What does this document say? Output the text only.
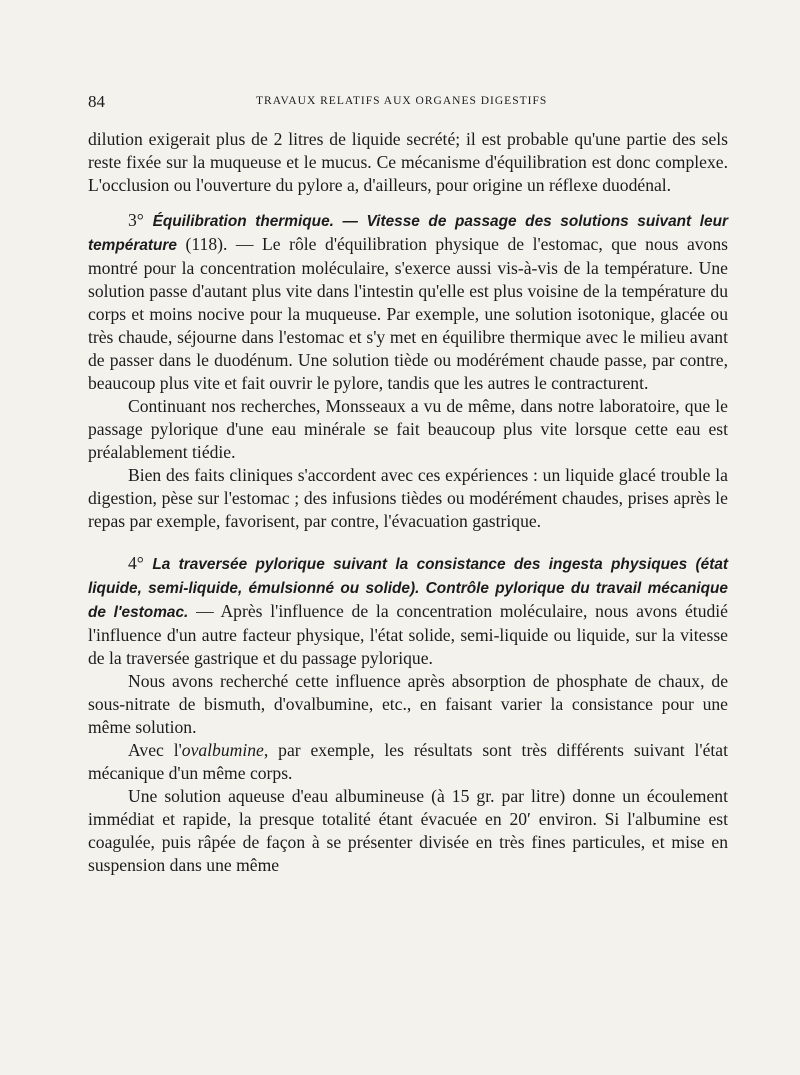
84	TRAVAUX RELATIFS AUX ORGANES DIGESTIFS

dilution exigerait plus de 2 litres de liquide secrété; il est probable qu'une partie des sels reste fixée sur la muqueuse et le mucus. Ce mécanisme d'équilibration est donc complexe. L'occlusion ou l'ouverture du pylore a, d'ailleurs, pour origine un réflexe duodénal.

3° Équilibration thermique. — Vitesse de passage des solutions suivant leur température (118). — Le rôle d'équilibration physique de l'estomac, que nous avons montré pour la concentration moléculaire, s'exerce aussi vis-à-vis de la température. Une solution passe d'autant plus vite dans l'intestin qu'elle est plus voisine de la température du corps et moins nocive pour la muqueuse. Par exemple, une solution isotonique, glacée ou très chaude, séjourne dans l'estomac et s'y met en équilibre thermique avec le milieu avant de passer dans le duodénum. Une solution tiède ou modérément chaude passe, par contre, beaucoup plus vite et fait ouvrir le pylore, tandis que les autres le contracturent.

Continuant nos recherches, Monsseaux a vu de même, dans notre laboratoire, que le passage pylorique d'une eau minérale se fait beaucoup plus vite lorsque cette eau est préalablement tiédie.

Bien des faits cliniques s'accordent avec ces expériences : un liquide glacé trouble la digestion, pèse sur l'estomac ; des infusions tièdes ou modérément chaudes, prises après le repas par exemple, favorisent, par contre, l'évacuation gastrique.

4° La traversée pylorique suivant la consistance des ingesta physiques (état liquide, semi-liquide, émulsionné ou solide). Contrôle pylorique du travail mécanique de l'estomac. — Après l'influence de la concentration moléculaire, nous avons étudié l'influence d'un autre facteur physique, l'état solide, semi-liquide ou liquide, sur la vitesse de la traversée gastrique et du passage pylorique.

Nous avons recherché cette influence après absorption de phosphate de chaux, de sous-nitrate de bismuth, d'ovalbumine, etc., en faisant varier la consistance pour une même solution.

Avec l'ovalbumine, par exemple, les résultats sont très différents suivant l'état mécanique d'un même corps.

Une solution aqueuse d'eau albumineuse (à 15 gr. par litre) donne un écoulement immédiat et rapide, la presque totalité étant évacuée en 20′ environ. Si l'albumine est coagulée, puis râpée de façon à se présenter divisée en très fines particules, et mise en suspension dans une même
